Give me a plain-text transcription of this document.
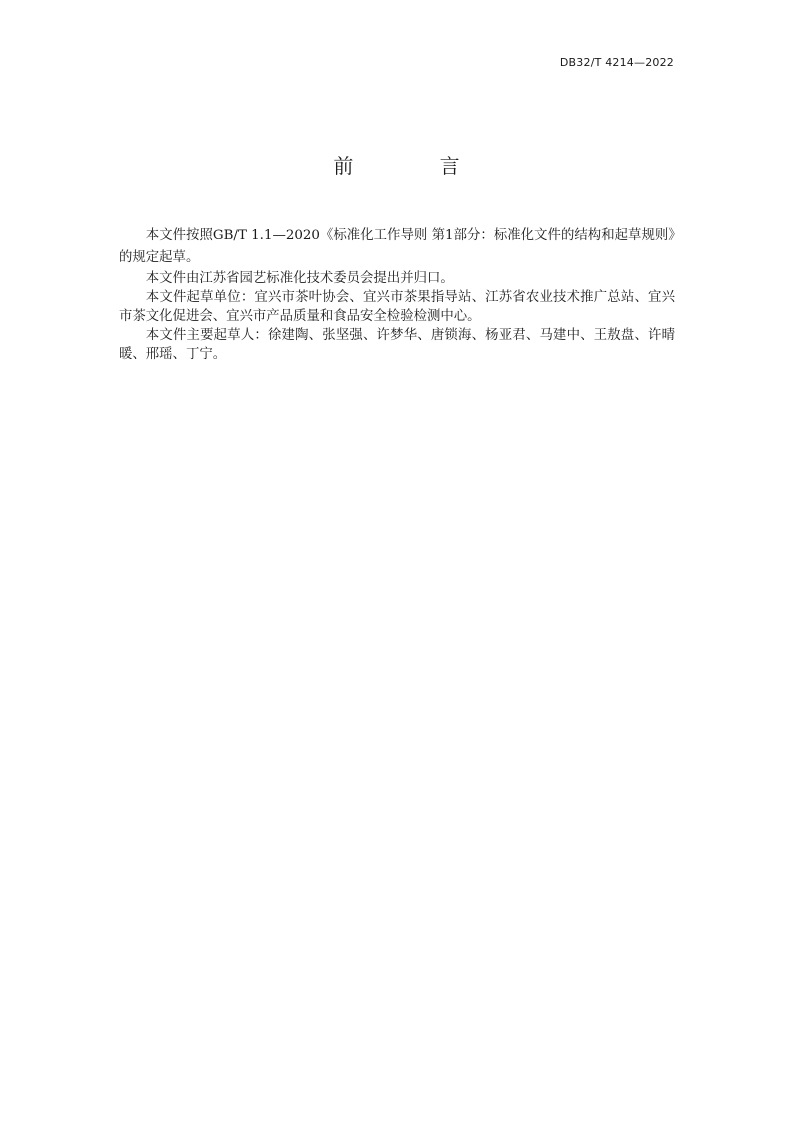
DB32/T 4214—2022
前 言

本文件按照GB/T 1.1—2020《标准化工作导则 第1部分：标准化文件的结构和起草规则》的规定起草。

本文件由江苏省园艺标准化技术委员会提出并归口。

本文件起草单位：宜兴市茶叶协会、宜兴市茶果指导站、江苏省农业技术推广总站、宜兴市茶文化促进会、宜兴市产品质量和食品安全检验检测中心。

本文件主要起草人：徐建陶、张坚强、许梦华、唐锁海、杨亚君、马建中、王敖盘、许晴暖、邢瑶、丁宁。
